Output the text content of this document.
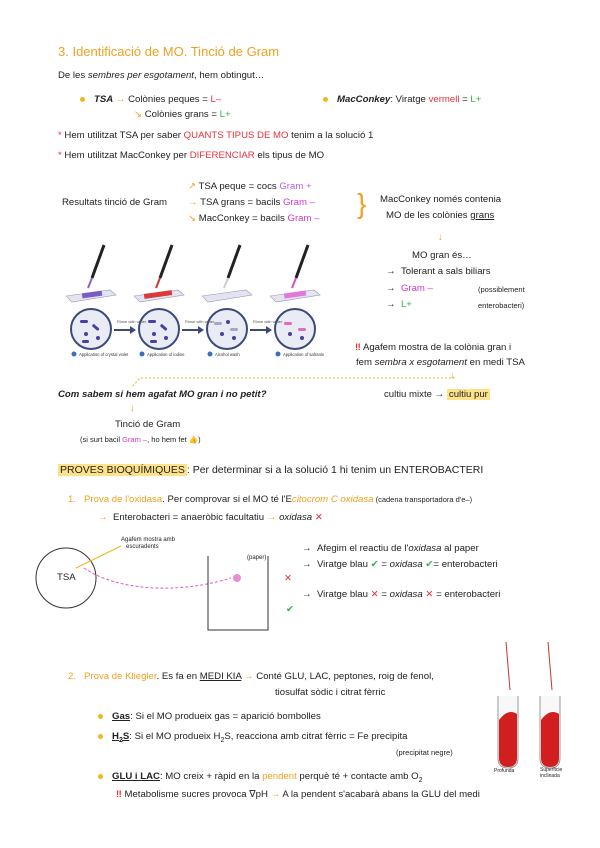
3. Identificació de MO. Tinció de Gram
De les sembres per esgotament, hem obtingut…
TSA → Colònies peques = L–
↘ Colònies grans = L+
MacConkey: Viratge vermell = L+
* Hem utilitzat TSA per saber QUANTS TIPUS DE MO tenim a la solució 1
* Hem utilitzat MacConkey per DIFERENCIAR els tipus de MO
Resultats tinció de Gram
↗ TSA peque = cocs Gram +
→ TSA grans = bacils Gram –
↘ MacConkey = bacils Gram – } MacConkey només contenia
MO de les colònies grans
↓
MO gran és…
→  Tolerant a sals biliars
→  Gram –	(possiblement
→  L+	enterobacteri)
Rinse with water	Rinse with water	Rinse with water
Application of crystal violet	Application of iodine	Alcohol wash	Application of safranin
‼ Agafem mostra de la colònia gran i
fem sembra x esgotament en medi TSA
↓
Com sabem si hem agafat MO gran i no petit?	cultiu mixte → cultiu pur
↓
Tinció de Gram
(si surt bacil Gram –, ho hem fet 👍)
PROVES BIOQUÍMIQUES : Per determinar si a la solució 1 hi tenim un ENTEROBACTERI
1. Prova de l'oxidasa. Per comprovar si el MO té l'Ecitocrom C oxidasa (cadena transportadora d'e–)
→ Enterobacteri = anaeròbic facultatiu → oxidasa ✕
TSA
Agafem mostra amb
escuradents
(paper)
✕
✔
→  Afegim el reactiu de l'oxidasa al paper
→  Viratge blau ✔ = oxidasa ✔= enterobacteri
→  Viratge blau ✕ = oxidasa ✕ = enterobacteri
2. Prova de Kliegler. Es fa en MEDI KIA → Conté GLU, LAC, peptones, roig de fenol,
tiosulfat sòdic i citrat fèrric
Gas: Si el MO produeix gas = aparició bombolles
$H_2S$: Si el MO produeix $H_2S$, reacciona amb citrat fèrric = Fe precipita
(precipitat negre)
GLU i LAC: MO creix + ràpid en la pendent perquè té + contacte amb $O_2$
‼ Metabolisme sucres provoca ∇pH → A la pendent s'acabarà abans la GLU del medi
Profunda	Superficie inclinada
